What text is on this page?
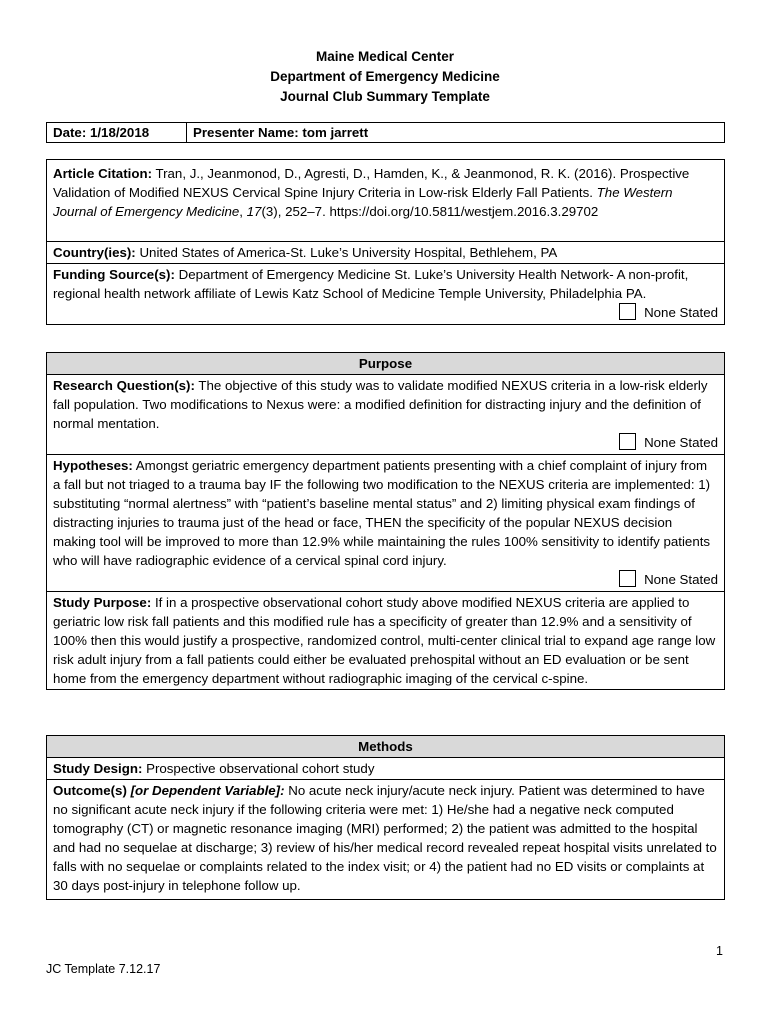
Maine Medical Center
Department of Emergency Medicine
Journal Club Summary Template
Date: 1/18/2018	Presenter Name: tom jarrett
Article Citation: Tran, J., Jeanmonod, D., Agresti, D., Hamden, K., & Jeanmonod, R. K. (2016). Prospective Validation of Modified NEXUS Cervical Spine Injury Criteria in Low-risk Elderly Fall Patients. The Western Journal of Emergency Medicine, 17(3), 252–7. https://doi.org/10.5811/westjem.2016.3.29702
Country(ies): United States of America-St. Luke’s University Hospital, Bethlehem, PA
Funding Source(s): Department of Emergency Medicine St. Luke’s University Health Network- A non-profit, regional health network affiliate of Lewis Katz School of Medicine Temple University, Philadelphia PA.
None Stated
Purpose
Research Question(s): The objective of this study was to validate modified NEXUS criteria in a low-risk elderly fall population. Two modifications to Nexus were: a modified definition for distracting injury and the definition of normal mentation.
None Stated

Hypotheses: Amongst geriatric emergency department patients presenting with a chief complaint of injury from a fall but not triaged to a trauma bay IF the following two modification to the NEXUS criteria are implemented: 1) substituting “normal alertness” with “patient’s baseline mental status” and 2) limiting physical exam findings of distracting injuries to trauma just of the head or face, THEN the specificity of the popular NEXUS decision making tool will be improved to more than 12.9% while maintaining the rules 100% sensitivity to identify patients who will have radiographic evidence of a cervical spinal cord injury.
None Stated

Study Purpose: If in a prospective observational cohort study above modified NEXUS criteria are applied to geriatric low risk fall patients and this modified rule has a specificity of greater than 12.9% and a sensitivity of 100% then this would justify a prospective, randomized control, multi-center clinical trial to expand age range low risk adult injury from a fall patients could either be evaluated prehospital without an ED evaluation or be sent home from the emergency department without radiographic imaging of the cervical c-spine.
Methods
Study Design: Prospective observational cohort study
Outcome(s) [or Dependent Variable]: No acute neck injury/acute neck injury. Patient was determined to have no significant acute neck injury if the following criteria were met: 1) He/she had a negative neck computed tomography (CT) or magnetic resonance imaging (MRI) performed; 2) the patient was admitted to the hospital and had no sequelae at discharge; 3) review of his/her medical record revealed repeat hospital visits unrelated to falls with no sequelae or complaints related to the index visit; or 4) the patient had no ED visits or complaints at 30 days post-injury in telephone follow up.
1
JC Template 7.12.17
